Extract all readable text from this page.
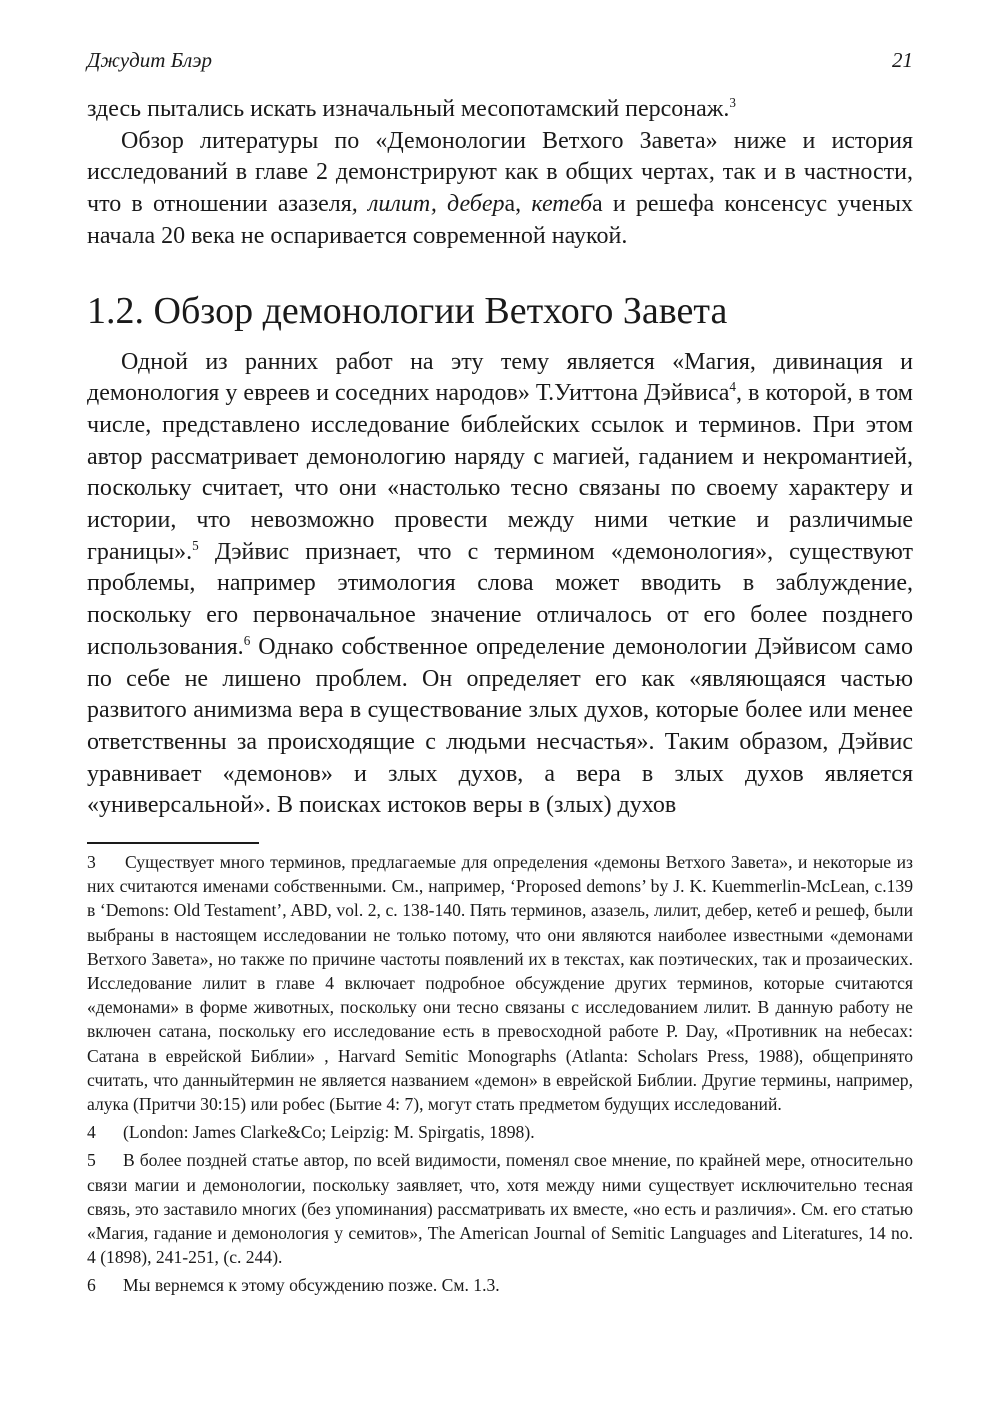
Джудит Блэр	21

здесь пытались искать изначальный месопотамский персонаж.$^3$

Обзор литературы по «Демонологии Ветхого Завета» ниже и история исследований в главе 2 демонстрируют как в общих чертах, так и в частности, что в отношении азазеля, лилит, дебера, кетеба и решефа консенсус ученых начала 20 века не оспаривается современной наукой.

1.2. Обзор демонологии Ветхого Завета

Одной из ранних работ на эту тему является «Магия, дивинация и демонология у евреев и соседних народов» Т.Уиттона Дэйвиса$^4$, в которой, в том числе, представлено исследование библейских ссылок и терминов. При этом автор рассматривает демонологию наряду с магией, гаданием и некромантией, поскольку считает, что они «настолько тесно связаны по своему характеру и истории, что невозможно провести между ними четкие и различимые границы».$^5$ Дэйвис признает, что с термином «демонология», существуют проблемы, например этимология слова может вводить в заблуждение, поскольку его первоначальное значение отличалось от его более позднего использования.$^6$ Однако собственное определение демонологии Дэйвисом само по себе не лишено проблем. Он определяет его как «являющаяся частью развитого анимизма вера в существование злых духов, которые более или менее ответственны за происходящие с людьми несчастья». Таким образом, Дэйвис уравнивает «демонов» и злых духов, а вера в злых духов является «универсальной». В поисках истоков веры в (злых) духов

3 Существует много терминов, предлагаемые для определения «демоны Ветхого Завета», и некоторые из них считаются именами собственными. См., например, ‘Proposed demons’ by J. K. Kuemmerlin-McLean, с.139 в ‘Demons: Old Testament’, ABD, vol. 2, с. 138-140. Пять терминов, азазель, лилит, дебер, кетеб и решеф, были выбраны в настоящем исследовании не только потому, что они являются наиболее известными «демонами Ветхого Завета», но также по причине частоты появлений их в текстах, как поэтических, так и прозаических. Исследование лилит в главе 4 включает подробное обсуждение других терминов, которые считаются «демонами» в форме животных, поскольку они тесно связаны с исследованием лилит. В данную работу не включен сатана, поскольку его исследование есть в превосходной работе P. Day, «Противник на небесах: Сатана в еврейской Библии» , Harvard Semitic Monographs (Atlanta: Scholars Press, 1988), общепринято считать, что данныйтермин не является названием «демон» в еврейской Библии. Другие термины, например, алука (Притчи 30:15) или робес (Бытие 4: 7), могут стать предметом будущих исследований.

4 (London: James Clarke&Co; Leipzig: M. Spirgatis, 1898).

5 В более поздней статье автор, по всей видимости, поменял свое мнение, по крайней мере, относительно связи магии и демонологии, поскольку заявляет, что, хотя между ними существует исключительно тесная связь, это заставило многих (без упоминания) рассматривать их вместе, «но есть и различия». См. его статью «Магия, гадание и демонология у семитов», The American Journal of Semitic Languages and Literatures, 14 no. 4 (1898), 241-251, (с. 244).

6 Мы вернемся к этому обсуждению позже. См. 1.3.
